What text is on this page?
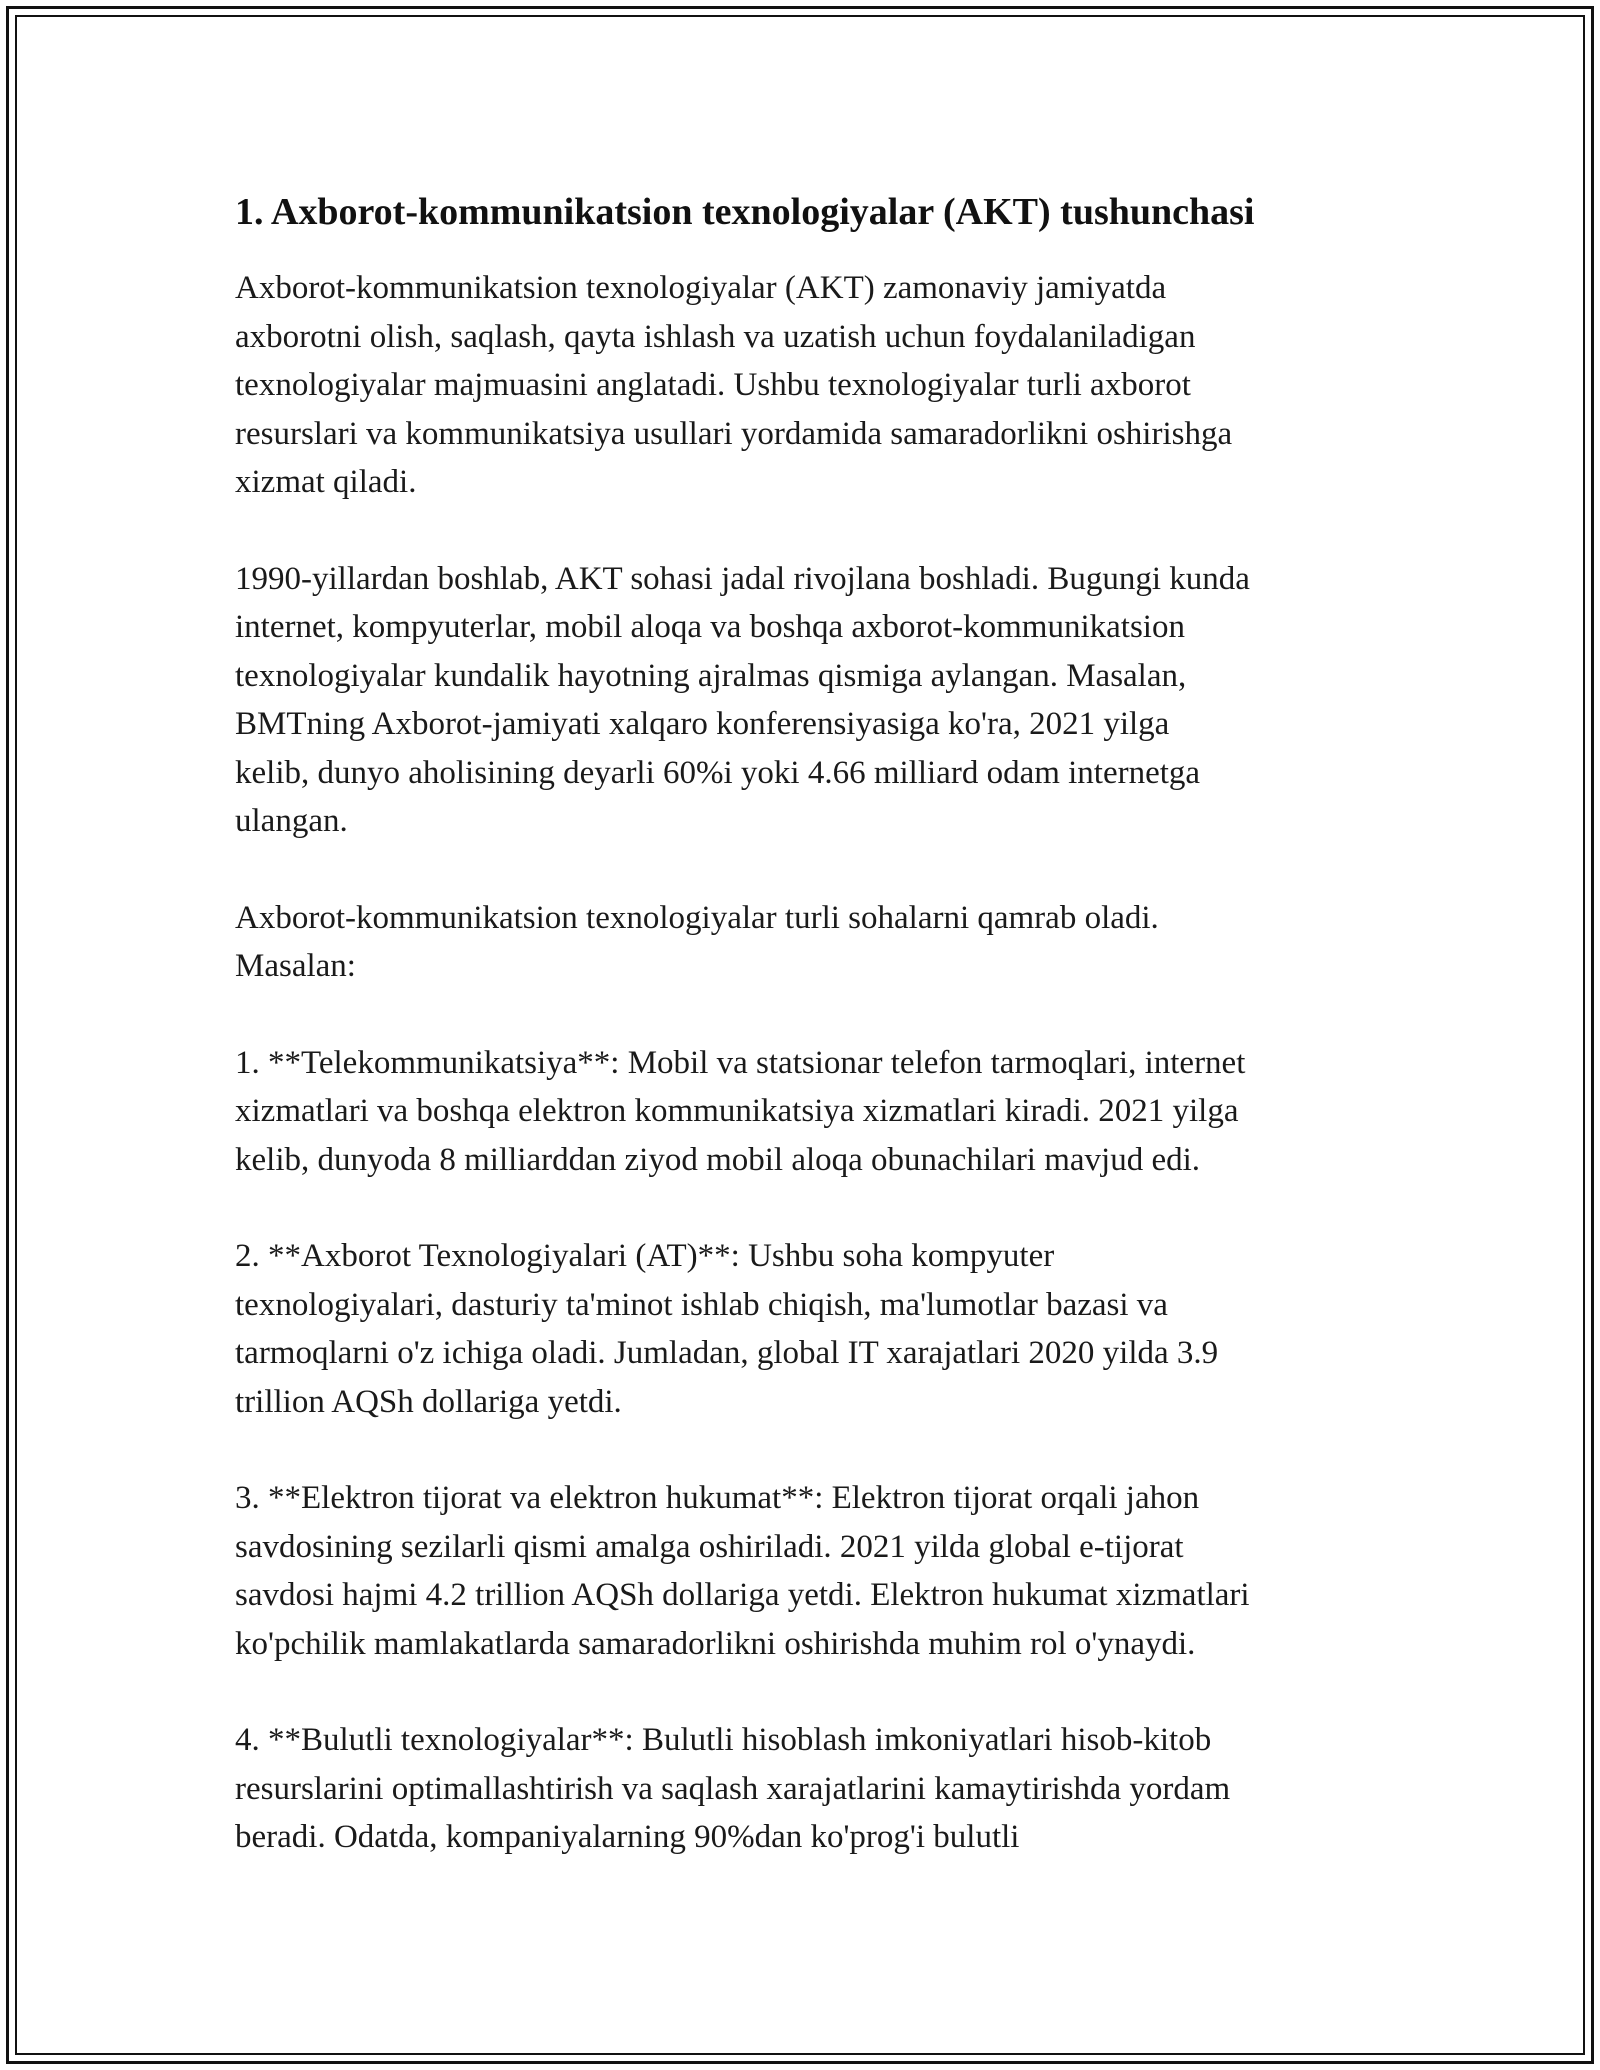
1. Axborot-kommunikatsion texnologiyalar (AKT) tushunchasi

Axborot-kommunikatsion texnologiyalar (AKT) zamonaviy jamiyatda
axborotni olish, saqlash, qayta ishlash va uzatish uchun foydalaniladigan
texnologiyalar majmuasini anglatadi. Ushbu texnologiyalar turli axborot
resurslari va kommunikatsiya usullari yordamida samaradorlikni oshirishga
xizmat qiladi.

1990-yillardan boshlab, AKT sohasi jadal rivojlana boshladi. Bugungi kunda
internet, kompyuterlar, mobil aloqa va boshqa axborot-kommunikatsion
texnologiyalar kundalik hayotning ajralmas qismiga aylangan. Masalan,
BMTning Axborot-jamiyati xalqaro konferensiyasiga ko'ra, 2021 yilga
kelib, dunyo aholisining deyarli 60%i yoki 4.66 milliard odam internetga
ulangan.

Axborot-kommunikatsion texnologiyalar turli sohalarni qamrab oladi.
Masalan:

1. **Telekommunikatsiya**: Mobil va statsionar telefon tarmoqlari, internet
xizmatlari va boshqa elektron kommunikatsiya xizmatlari kiradi. 2021 yilga
kelib, dunyoda 8 milliarddan ziyod mobil aloqa obunachilari mavjud edi.

2. **Axborot Texnologiyalari (AT)**: Ushbu soha kompyuter
texnologiyalari, dasturiy ta'minot ishlab chiqish, ma'lumotlar bazasi va
tarmoqlarni o'z ichiga oladi. Jumladan, global IT xarajatlari 2020 yilda 3.9
trillion AQSh dollariga yetdi.

3. **Elektron tijorat va elektron hukumat**: Elektron tijorat orqali jahon
savdosining sezilarli qismi amalga oshiriladi. 2021 yilda global e-tijorat
savdosi hajmi 4.2 trillion AQSh dollariga yetdi. Elektron hukumat xizmatlari
ko'pchilik mamlakatlarda samaradorlikni oshirishda muhim rol o'ynaydi.

4. **Bulutli texnologiyalar**: Bulutli hisoblash imkoniyatlari hisob-kitob
resurslarini optimallashtirish va saqlash xarajatlarini kamaytirishda yordam
beradi. Odatda, kompaniyalarning 90%dan ko'prog'i bulutli
